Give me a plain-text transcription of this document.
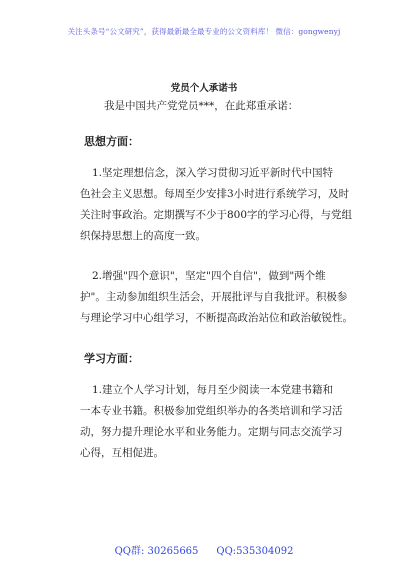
关注头条号“公文研究”，获得最新最全最专业的公文资料库！ 微信：gongwenyj
党员个人承诺书
我是中国共产党党员***，在此郑重承诺：
思想方面：
1.坚定理想信念，深入学习贯彻习近平新时代中国特
色社会主义思想。每周至少安排3小时进行系统学习，及时
关注时事政治。定期撰写不少于800字的学习心得，与党组
织保持思想上的高度一致。
2.增强"四个意识"，坚定"四个自信"，做到"两个维
护"。主动参加组织生活会，开展批评与自我批评。积极参
与理论学习中心组学习，不断提高政治站位和政治敏锐性。
学习方面：
1.建立个人学习计划，每月至少阅读一本党建书籍和
一本专业书籍。积极参加党组织举办的各类培训和学习活
动，努力提升理论水平和业务能力。定期与同志交流学习
心得，互相促进。
QQ群: 30265665 QQ:535304092
